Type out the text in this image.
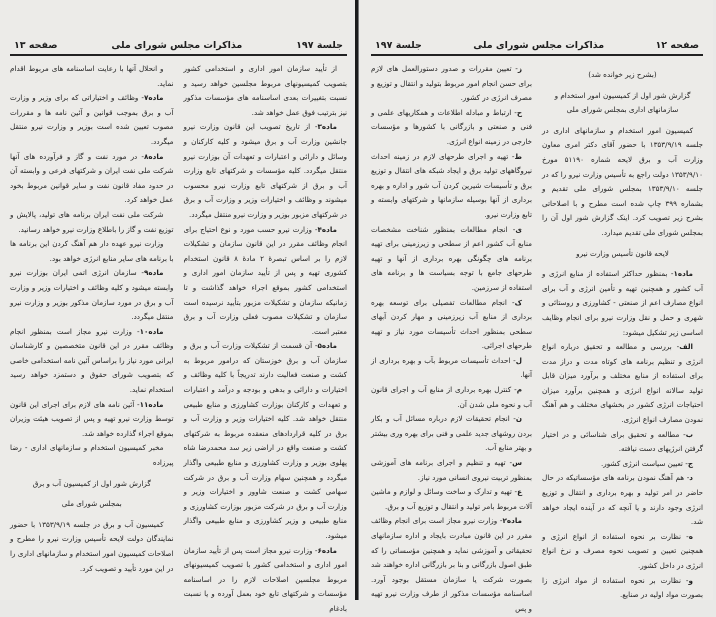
جلسة ۱۹۷
مذاکرات مجلس شورای ملی
صفحه ۱۳

از تأیید سازمان امور اداری و استخدامی کشور بتصویب کمیسیونهای مربوط مجلسین خواهد رسید و نسبت بتغییرات بعدی اساسنامه های مؤسسات مذکور نیز بترتیب فوق عمل خواهد شد.

ماده۳- از تاریخ تصویب این قانون وزارت نیرو جانشین وزارت آب و برق میشود و کلیه کارکنان و وسائل و دارائی و اعتبارات و تعهدات آن بوزارت نیرو منتقل میگردد. کلیه مؤسسات و شرکتهای تابع وزارت آب و برق از شرکتهای تابع وزارت نیرو محسوب میشوند و وظائف و اختیارات وزیر و وزارت آب و برق در شرکتهای مزبور بوزیر و وزارت نیرو منتقل میگردد.

ماده۴- وزارت نیرو حسب مورد و نوع احتیاج برای انجام وظائف مقرر در این قانون سازمان و تشکیلات لازم را بر اساس تبصرهٔ ۲ مادهٔ ۸ قانون استخدام کشوری تهیه و پس از تأیید سازمان امور اداری و استخدامی کشور بموقع اجراء خواهد گذاشت و تا زمانیکه سازمان و تشکیلات مزبور بتأیید نرسیده است سازمان و تشکیلات مصوب فعلی وزارت آب و برق معتبر است.

ماده۵- آن قسمت از تشکیلات وزارت آب و برق و سازمان آب و برق خوزستان که درامور مربوط به کشت و صنعت فعالیت دارند تدریجاً با کلیه وظائف و اختیارات و دارائی و بدهی و بودجه و درآمد و اعتبارات و تعهدات و کارکنان بوزارت کشاورزی و منابع طبیعی منتقل خواهد شد. کلیه اختیارات وزیر و وزارت آب و برق در کلیه قراردادهای منعقده مربوط به شرکتهای کشت و صنعت واقع در اراضی زیر سد محمدرضا شاه پهلوی بوزیر و وزارت کشاورزی و منابع طبیعی واگذار میگردد و همچنین سهام وزارت آب و برق در شرکت سهامی کشت و صنعت شاوور و اختیارات وزیر و وزارت آب و برق در شرکت مزبور بوزارت کشاورزی و منابع طبیعی و وزیر کشاورزی و منابع طبیعی واگذار میشود.

ماده۶- وزارت نیرو مجاز است پس از تأیید سازمان امور اداری و استخدامی کشور با تصویب کمیسیونهای مربوط مجلسین اصلاحات لازم را در اساسنامه مؤسسات و شرکتهای تابع خود بعمل آورده و یا نسبت بادغام

و انحلال آنها با رعایت اساسنامه های مربوط اقدام نماید.

ماده۷- وظائف و اختیاراتی که برای وزیر و وزارت آب و برق بموجب قوانین و آئین نامه ها و مقررات مصوب تعیین شده است بوزیر و وزارت نیرو منتقل میگردد.

ماده۸- در مورد نفت و گاز و فرآورده های آنها شرکت ملی نفت ایران و شرکتهای فرعی و وابسته آن در حدود مفاد قانون نفت و سایر قوانین مربوط بخود عمل خواهد کرد.

شرکت ملی نفت ایران برنامه های تولید، پالایش و توزیع نفت و گاز را باطلاع وزارت نیرو خواهد رسانید.

وزارت نیرو عهده دار هم آهنگ کردن این برنامه ها با برنامه های سایر منابع انرژی خواهد بود.

ماده۹- سازمان انرژی اتمی ایران بوزارت نیرو وابسته میشود و کلیه وظائف و اختیارات وزیر و وزارت آب و برق در مورد سازمان مذکور بوزیر و وزارت نیرو منتقل میگردد.

ماده۱۰- وزارت نیرو مجاز است بمنظور انجام وظائف مقرر در این قانون متخصصین و کارشناسان ایرانی مورد نیاز را براساس آئین نامه استخدامی خاصی که بتصویب شورای حقوق و دستمزد خواهد رسید استخدام نماید.

ماده۱۱- آئین نامه های لازم برای اجرای این قانون توسط وزارت نیرو تهیه و پس از تصویب هیئت وزیران بموقع اجراء گذارده خواهد شد.

مخبر کمیسیون استخدام و سازمانهای اداری - رضا پیرزاده

گزارش شور اول از کمیسیون آب و برق

بمجلس شورای ملی

کمیسیون آب و برق در جلسه ۱۳۵۳/۹/۱۹ با حضور نمایندگان دولت لایحه تأسیس وزارت نیرو را مطرح و اصلاحات کمیسیون امور استخدام و سازمانهای اداری را در این مورد تأیید و تصویب کرد.

صفحه ۱۲
مذاکرات مجلس شورای ملی
جلسة ۱۹۷

(بشرح زیر خوانده شد)

گزارش شور اول از کمیسیون امور استخدام و سازمانهای اداری بمجلس شورای ملی

کمیسیون امور استخدام و سازمانهای اداری در جلسه ۱۳۵۳/۹/۱۹ با حضور آقای دکتر امری معاون وزارت آب و برق لایحه شماره ۵۱۱۹۰ مورخ ۱۳۵۳/۹/۱۰ دولت راجع به تأسیس وزارت نیرو را که در جلسه ۱۳۵۳/۹/۱۰ بمجلس شورای ملی تقدیم و بشماره ۳۹۹ چاپ شده است مطرح و با اصلاحاتی بشرح زیر تصویب کرد. اینک گزارش شور اول آن را بمجلس شورای ملی تقدیم میدارد.

لایحه قانون تأسیس وزارت نیرو

ماده۱- بمنظور حداکثر استفاده از منابع انرژی و آب کشور و همچنین تهیه و تأمین انرژی و آب برای انواع مصارف اعم از صنعتی - کشاورزی و روستائی و شهری و حمل و نقل وزارت نیرو برای انجام وظایف اساسی زیر تشکیل میشود:

الف- بررسی و مطالعه و تحقیق درباره انواع انرژی و تنظیم برنامه های کوتاه مدت و دراز مدت برای استفاده از منابع مختلف و برآورد میزان قابل تولید سالانه انواع انرژی و همچنین برآورد میزان احتیاجات انرژی کشور در بخشهای مختلف و هم آهنگ نمودن مصارف انواع انرژی.

ب- مطالعه و تحقیق برای شناسائی و در اختیار گرفتن انرژیهای دست نیافته.

ج- تعیین سیاست انرژی کشور.

د- هم آهنگ نمودن برنامه های مؤسساتیکه در حال حاضر در امر تولید و بهره برداری و انتقال و توزیع انرژی وجود دارند و یا آنچه که در آینده ایجاد خواهد شد.

ه- نظارت بر نحوه استفاده از انواع انرژی و همچنین تعیین و تصویب نحوه مصرف و نرخ انواع انرژی در داخل کشور.

و- نظارت بر نحوه استفاده از مواد انرژی زا بصورت مواد اولیه در صنایع.

ز- تعیین مقررات و صدور دستورالعمل های لازم برای حسن انجام امور مربوط بتولید و انتقال و توزیع و مصرف انرژی در کشور.

ح- ارتباط و مبادله اطلاعات و همکاریهای علمی و فنی و صنعتی و بازرگانی با کشورها و مؤسسات خارجی در زمینه انواع انرژی.

ط- تهیه و اجرای طرحهای لازم در زمینه احداث نیروگاههای تولید برق و ایجاد شبکه های انتقال و توزیع برق و تأسیسات شیرین کردن آب شور و اداره و بهره برداری از آنها بوسیله سازمانها و شرکتهای وابسته و تابع وزارت نیرو.

ی- انجام مطالعات بمنظور شناخت مشخصات منابع آب کشور اعم از سطحی و زیرزمینی برای تهیه برنامه های چگونگی بهره برداری از آنها و تهیه طرحهای جامع با توجه بسیاست ها و برنامه های استفاده از سرزمین.

ک- انجام مطالعات تفصیلی برای توسعه بهره برداری از منابع آب زیرزمینی و مهار کردن آبهای سطحی بمنظور احداث تأسیسات مورد نیاز و تهیه طرحهای اجرائی.

ل- احداث تأسیسات مربوط بآب و بهره برداری از آنها.

م- کنترل بهره برداری از منابع آب و اجرای قانون آب و نحوه ملی شدن آن.

ن- انجام تحقیقات لازم درباره مسائل آب و بکار بردن روشهای جدید علمی و فنی برای بهره وری بیشتر و بهتر منابع آب.

س- تهیه و تنظیم و اجرای برنامه های آموزشی بمنظور تربیت نیروی انسانی مورد نیاز.

ع- تهیه و تدارک و ساخت وسائل و لوازم و ماشین آلات مربوط بامر تولید و انتقال و توزیع آب و برق.

ماده۲- وزارت نیرو مجاز است برای انجام وظائف مقرر در این قانون مبادرت بایجاد و اداره سازمانهای تحقیقاتی و آموزشی نماید و همچنین مؤسساتی را که طبق اصول بازرگانی و بنا بر بازرگانی اداره خواهند شد بصورت شرکت یا سازمان مستقل بوجود آورد. اساسنامه مؤسسات مذکور از طرف وزارت نیرو تهیه و پس
